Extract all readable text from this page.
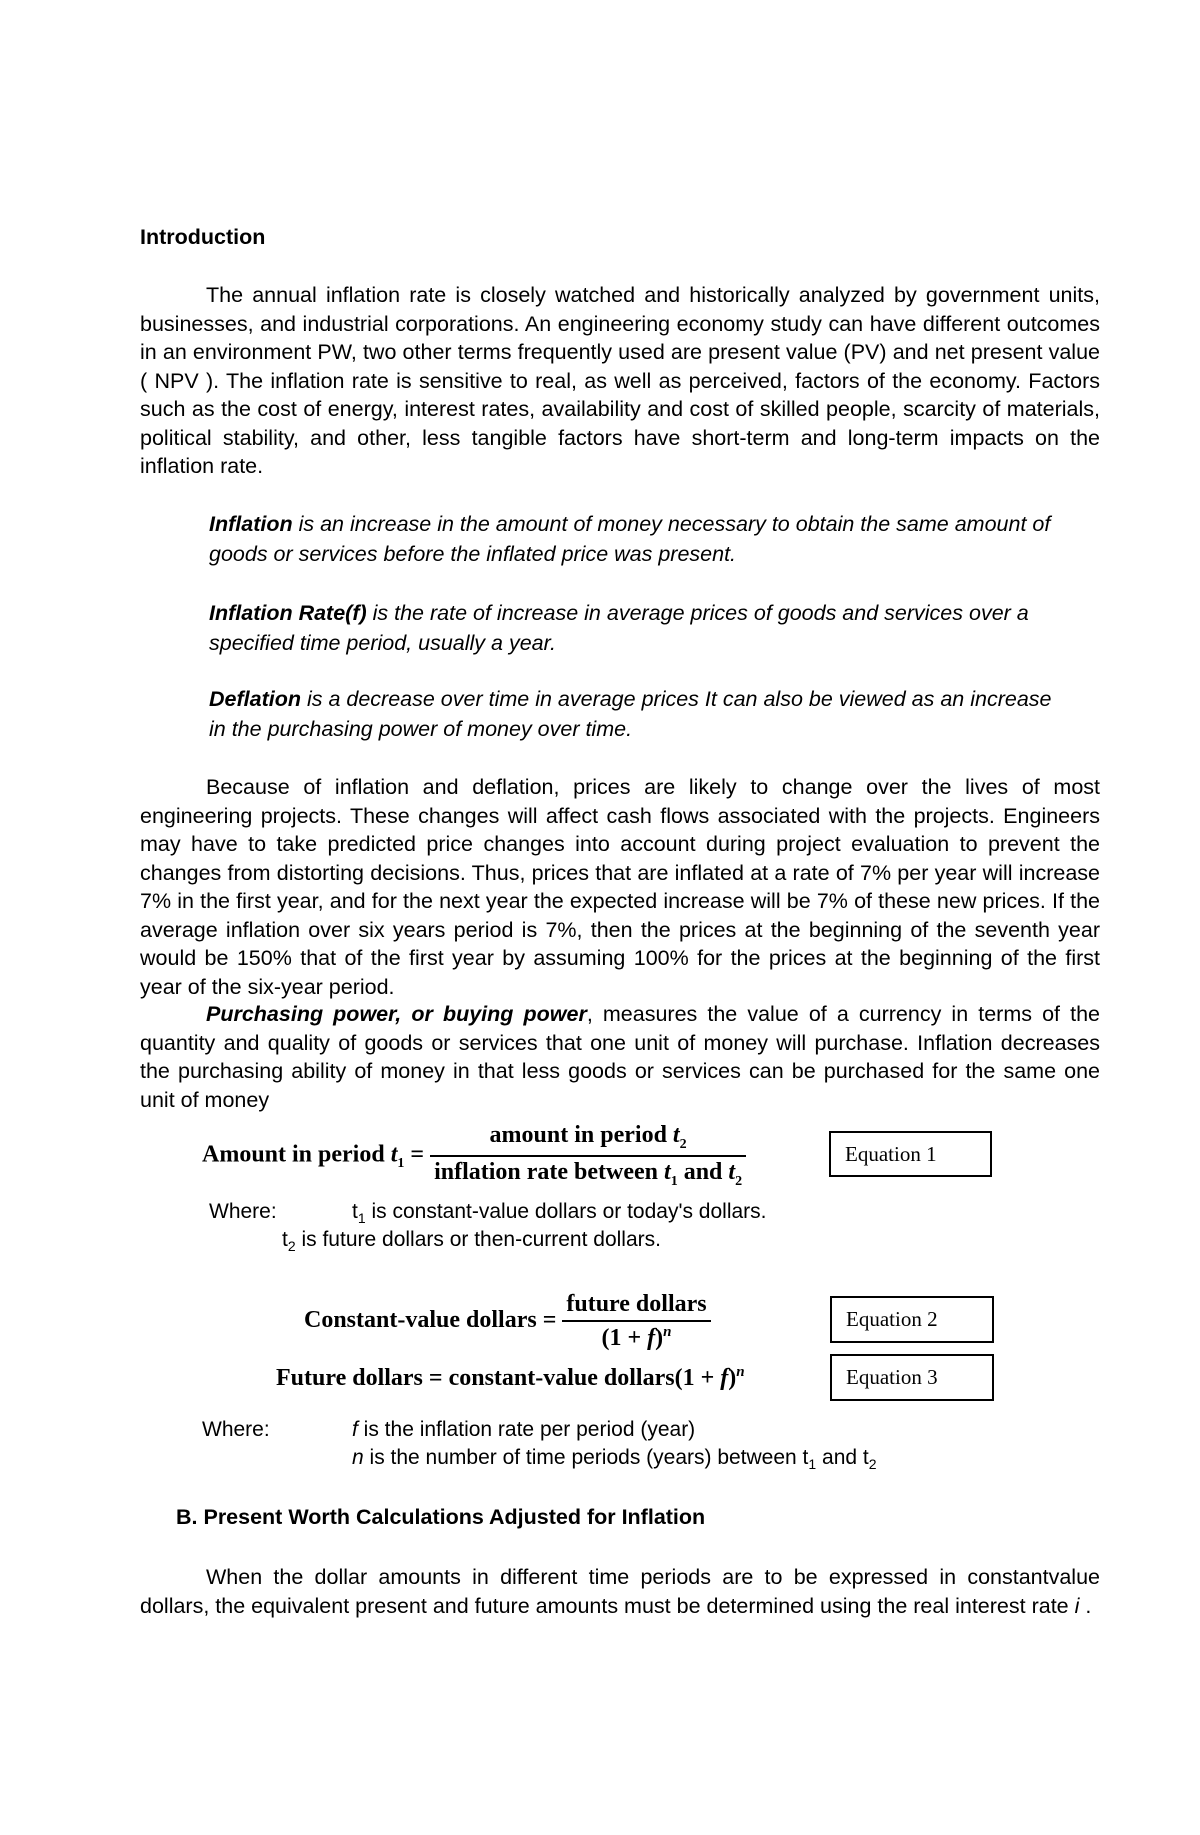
Introduction
The annual inflation rate is closely watched and historically analyzed by government units, businesses, and industrial corporations. An engineering economy study can have different outcomes in an environment PW, two other terms frequently used are present value (PV) and net present value ( NPV ). The inflation rate is sensitive to real, as well as perceived, factors of the economy. Factors such as the cost of energy, interest rates, availability and cost of skilled people, scarcity of materials, political stability, and other, less tangible factors have short-term and long-term impacts on the inflation rate.
Inflation is an increase in the amount of money necessary to obtain the same amount of goods or services before the inflated price was present.
Inflation Rate(f) is the rate of increase in average prices of goods and services over a specified time period, usually a year.
Deflation is a decrease over time in average prices It can also be viewed as an increase in the purchasing power of money over time.
Because of inflation and deflation, prices are likely to change over the lives of most engineering projects. These changes will affect cash flows associated with the projects. Engineers may have to take predicted price changes into account during project evaluation to prevent the changes from distorting decisions. Thus, prices that are inflated at a rate of 7% per year will increase 7% in the first year, and for the next year the expected increase will be 7% of these new prices. If the average inflation over six years period is 7%, then the prices at the beginning of the seventh year would be 150% that of the first year by assuming 100% for the prices at the beginning of the first year of the six-year period.
Purchasing power, or buying power, measures the value of a currency in terms of the quantity and quality of goods or services that one unit of money will purchase. Inflation decreases the purchasing ability of money in that less goods or services can be purchased for the same one unit of money
Amount in period $t_1 = \frac{amount in period t_2}{inflation rate between t_1 and t_2}$	Equation 1
Where:	$t_1$ is constant-value dollars or today's dollars.
$t_2$ is future dollars or then-current dollars.
Constant-value dollars = $\frac{\text{future dollars}}{(1 + f)^n}$	Equation 2
Future dollars = constant-value dollars(1 + f)$^n$	Equation 3
Where:	f is the inflation rate per period (year)
n is the number of time periods (years) between $t_1$ and $t_2$
B. Present Worth Calculations Adjusted for Inflation
When the dollar amounts in different time periods are to be expressed in constantvalue dollars, the equivalent present and future amounts must be determined using the real interest rate i .
